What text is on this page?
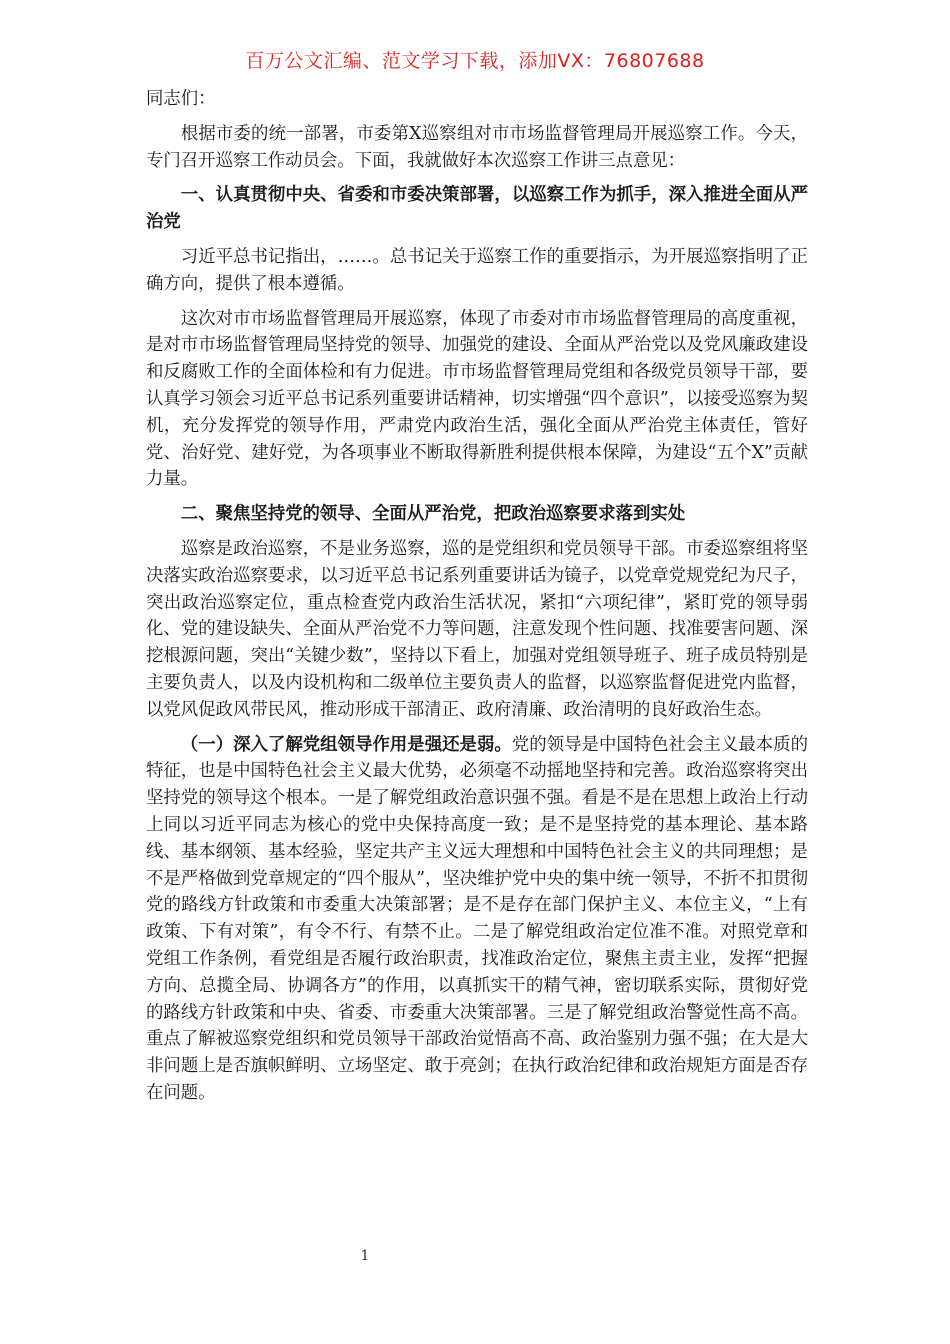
百万公文汇编、范文学习下载，添加VX：76807688
同志们：

根据市委的统一部署，市委第X巡察组对市市场监督管理局开展巡察工作。今天，专门召开巡察工作动员会。下面，我就做好本次巡察工作讲三点意见：

一、认真贯彻中央、省委和市委决策部署，以巡察工作为抓手，深入推进全面从严治党

习近平总书记指出，……。总书记关于巡察工作的重要指示，为开展巡察指明了正确方向，提供了根本遵循。

这次对市市场监督管理局开展巡察，体现了市委对市市场监督管理局的高度重视，是对市市场监督管理局坚持党的领导、加强党的建设、全面从严治党以及党风廉政建设和反腐败工作的全面体检和有力促进。市市场监督管理局党组和各级党员领导干部，要认真学习领会习近平总书记系列重要讲话精神，切实增强“四个意识”，以接受巡察为契机，充分发挥党的领导作用，严肃党内政治生活，强化全面从严治党主体责任，管好党、治好党、建好党，为各项事业不断取得新胜利提供根本保障，为建设“五个X”贡献力量。

二、聚焦坚持党的领导、全面从严治党，把政治巡察要求落到实处

巡察是政治巡察，不是业务巡察，巡的是党组织和党员领导干部。市委巡察组将坚决落实政治巡察要求，以习近平总书记系列重要讲话为镜子，以党章党规党纪为尺子，突出政治巡察定位，重点检查党内政治生活状况，紧扣“六项纪律”，紧盯党的领导弱化、党的建设缺失、全面从严治党不力等问题，注意发现个性问题、找准要害问题、深挖根源问题，突出“关键少数”，坚持以下看上，加强对党组领导班子、班子成员特别是主要负责人，以及内设机构和二级单位主要负责人的监督，以巡察监督促进党内监督，以党风促政风带民风，推动形成干部清正、政府清廉、政治清明的良好政治生态。

（一）深入了解党组领导作用是强还是弱。党的领导是中国特色社会主义最本质的特征，也是中国特色社会主义最大优势，必须毫不动摇地坚持和完善。政治巡察将突出坚持党的领导这个根本。一是了解党组政治意识强不强。看是不是在思想上政治上行动上同以习近平同志为核心的党中央保持高度一致；是不是坚持党的基本理论、基本路线、基本纲领、基本经验，坚定共产主义远大理想和中国特色社会主义的共同理想；是不是严格做到党章规定的“四个服从”，坚决维护党中央的集中统一领导，不折不扣贯彻党的路线方针政策和市委重大决策部署；是不是存在部门保护主义、本位主义，“上有政策、下有对策”，有令不行、有禁不止。二是了解党组政治定位准不准。对照党章和党组工作条例，看党组是否履行政治职责，找准政治定位，聚焦主责主业，发挥“把握方向、总揽全局、协调各方”的作用，以真抓实干的精气神，密切联系实际，贯彻好党的路线方针政策和中央、省委、市委重大决策部署。三是了解党组政治警觉性高不高。重点了解被巡察党组织和党员领导干部政治觉悟高不高、政治鉴别力强不强；在大是大非问题上是否旗帜鲜明、立场坚定、敢于亮剑；在执行政治纪律和政治规矩方面是否存在问题。

1
